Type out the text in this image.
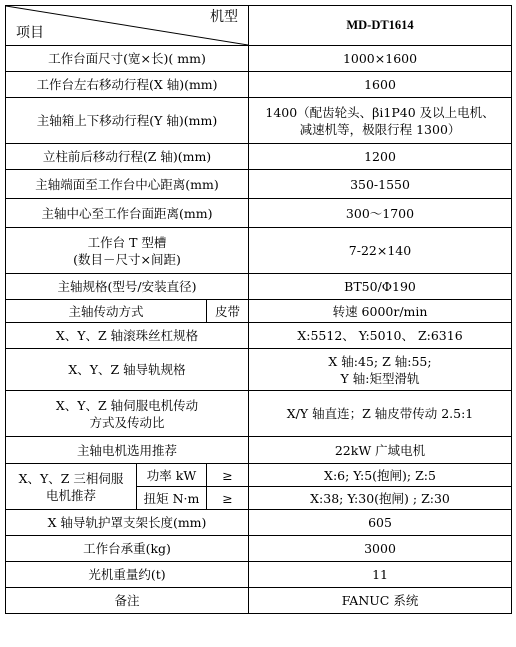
机型
项目			MD-DT1614
工作台面尺寸(宽×长)( mm)			1000×1600
工作台左右移动行程(X 轴)(mm)			1600
主轴箱上下移动行程(Y 轴)(mm)			1400（配齿轮头、βi1P40 及以上电机、
减速机等，极限行程 1300）

立柱前后移动行程(Z 轴)(mm)			1200
主轴端面至工作台中心距离(mm)			350-1550
主轴中心至工作台面距离(mm)			300～1700

工作台 T 型槽
(数目－尺寸×间距)			7-22×140
主轴规格(型号/安装直径)			BT50/Φ190
主轴传动方式		皮带	转速 6000r/min
X、Y、Z 轴滚珠丝杠规格			X:5512、 Y:5010、 Z:6316
X、Y、Z 轴导轨规格			X 轴:45; Z 轴:55;
Y 轴:矩型滑轨

X、Y、Z 轴伺服电机传动
方式及传动比			X/Y 轴直连；Z 轴皮带传动 2.5:1
主轴电机选用推荐			22kW 广域电机

X、Y、Z 三相伺服
电机推荐	功率 kW	≥	X:6; Y:5(抱闸); Z:5
	扭矩 N·m	≥	X:38; Y:30(抱闸) ; Z:30
X 轴导轨护罩支架长度(mm)			605
工作台承重(kg)			3000
光机重量约(t)			11
备注			FANUC 系统
